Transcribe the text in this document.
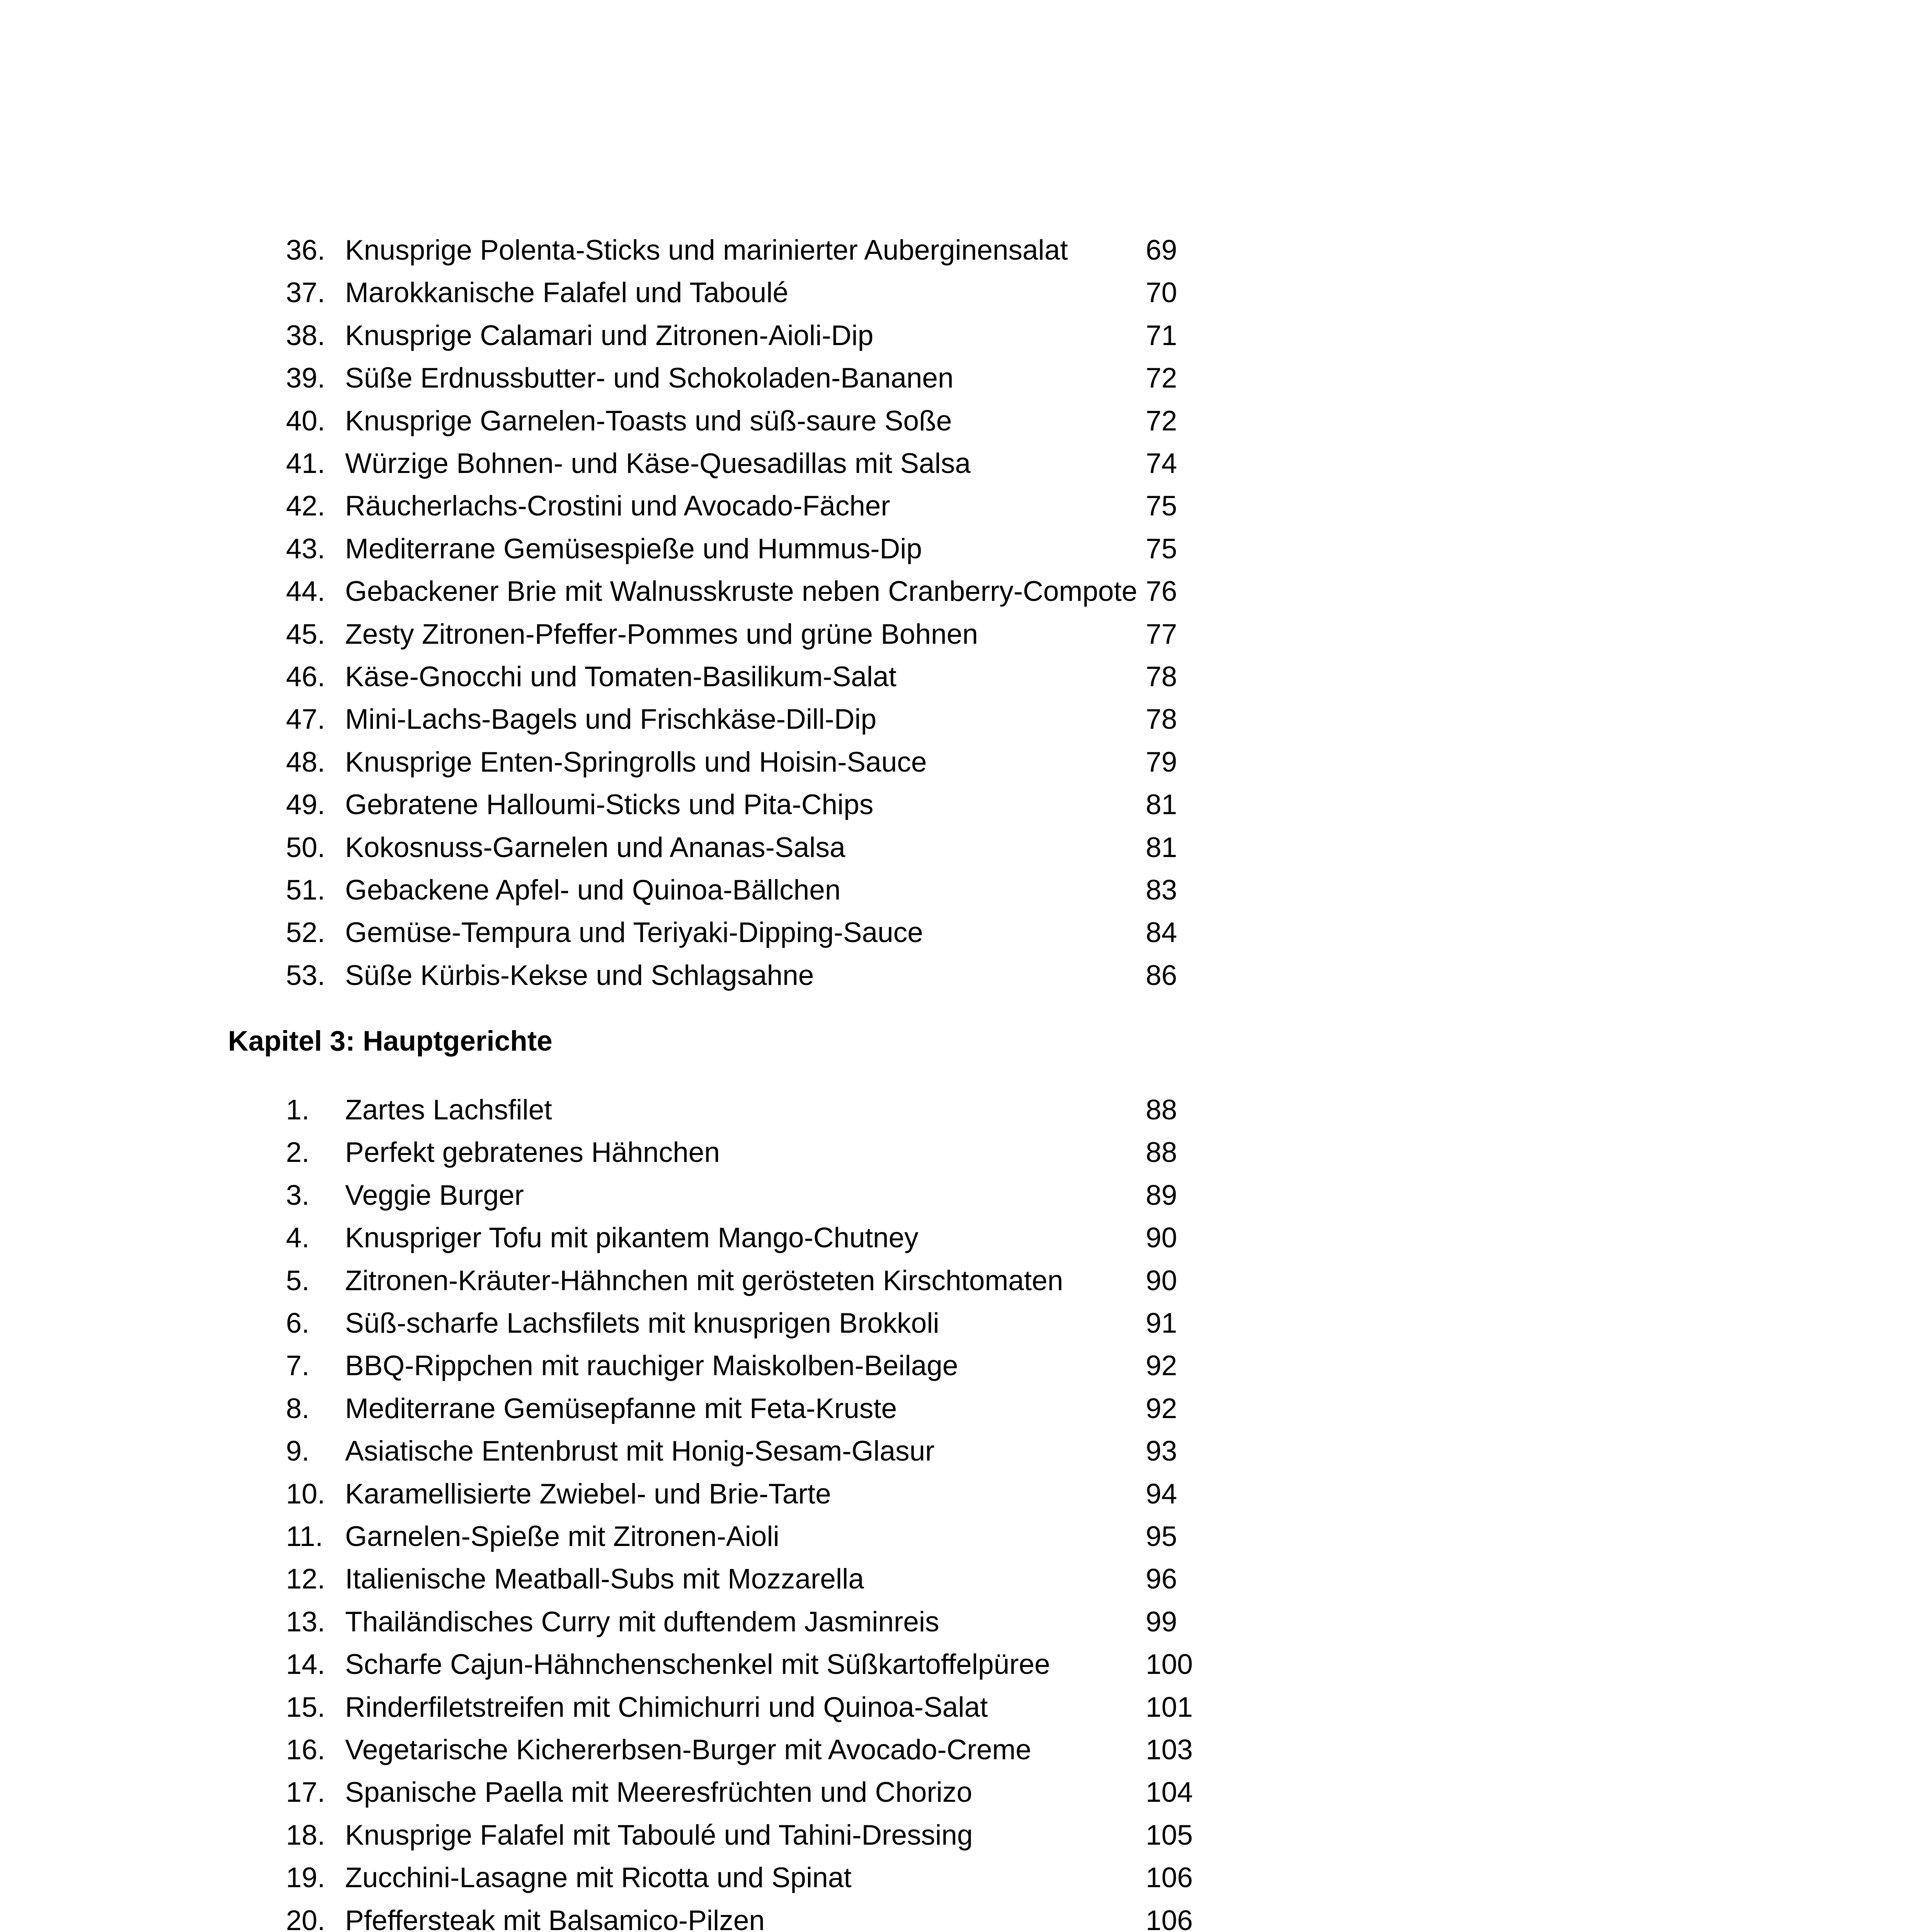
36. Knusprige Polenta-Sticks und marinierter Auberginensalat	69
37. Marokkanische Falafel und Taboulé	70
38. Knusprige Calamari und Zitronen-Aioli-Dip	71
39. Süße Erdnussbutter- und Schokoladen-Bananen	72
40. Knusprige Garnelen-Toasts und süß-saure Soße	72
41. Würzige Bohnen- und Käse-Quesadillas mit Salsa	74
42. Räucherlachs-Crostini und Avocado-Fächer	75
43. Mediterrane Gemüsespieße und Hummus-Dip	75
44. Gebackener Brie mit Walnusskruste neben Cranberry-Compote 76
45. Zesty Zitronen-Pfeffer-Pommes und grüne Bohnen	77
46. Käse-Gnocchi und Tomaten-Basilikum-Salat	78
47. Mini-Lachs-Bagels und Frischkäse-Dill-Dip	78
48. Knusprige Enten-Springrolls und Hoisin-Sauce	79
49. Gebratene Halloumi-Sticks und Pita-Chips	81
50. Kokosnuss-Garnelen und Ananas-Salsa	81
51. Gebackene Apfel- und Quinoa-Bällchen	83
52. Gemüse-Tempura und Teriyaki-Dipping-Sauce	84
53. Süße Kürbis-Kekse und Schlagsahne	86
Kapitel 3: Hauptgerichte
1.	Zartes Lachsfilet	88
2.	Perfekt gebratenes Hähnchen	88
3.	Veggie Burger	89
4.	Knuspriger Tofu mit pikantem Mango-Chutney	90
5.	Zitronen-Kräuter-Hähnchen mit gerösteten Kirschtomaten	90
6.	Süß-scharfe Lachsfilets mit knusprigen Brokkoli	91
7.	BBQ-Rippchen mit rauchiger Maiskolben-Beilage	92
8.	Mediterrane Gemüsepfanne mit Feta-Kruste	92
9.	Asiatische Entenbrust mit Honig-Sesam-Glasur	93
10. Karamellisierte Zwiebel- und Brie-Tarte	94
11. Garnelen-Spieße mit Zitronen-Aioli	95
12. Italienische Meatball-Subs mit Mozzarella	96
13. Thailändisches Curry mit duftendem Jasminreis	99
14. Scharfe Cajun-Hähnchenschenkel mit Süßkartoffelpüree	100
15. Rinderfiletstreifen mit Chimichurri und Quinoa-Salat	101
16. Vegetarische Kichererbsen-Burger mit Avocado-Creme	103
17. Spanische Paella mit Meeresfrüchten und Chorizo	104
18. Knusprige Falafel mit Taboulé und Tahini-Dressing	105
19. Zucchini-Lasagne mit Ricotta und Spinat	106
20. Pfeffersteak mit Balsamico-Pilzen	106
